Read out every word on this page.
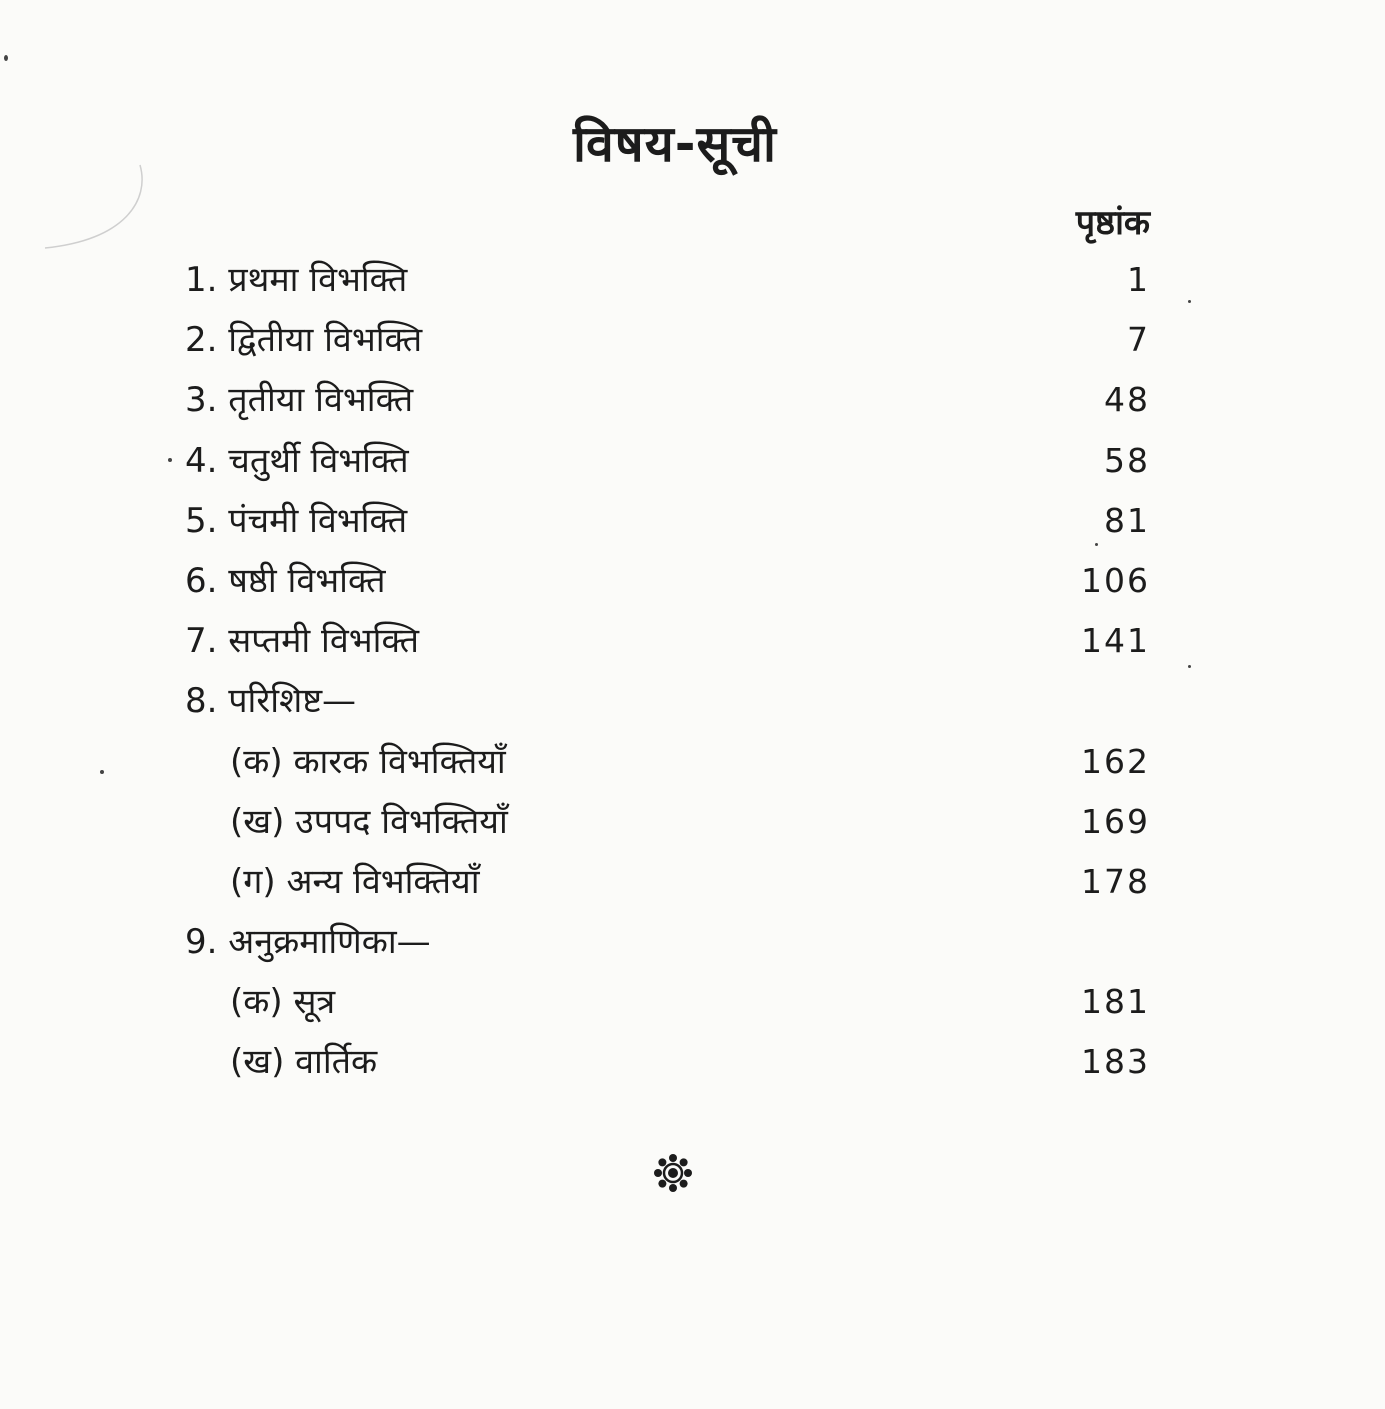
विषय-सूची
पृष्ठांक
1. प्रथमा विभक्ति	1
2. द्वितीया विभक्ति	7
3. तृतीया विभक्ति	48
4. चतुर्थी विभक्ति	58
5. पंचमी विभक्ति	81
6. षष्ठी विभक्ति	106
7. सप्तमी विभक्ति	141
8. परिशिष्ट—
(क) कारक विभक्तियाँ	162
(ख) उपपद विभक्तियाँ	169
(ग) अन्य विभक्तियाँ	178
9. अनुक्रमाणिका—
(क) सूत्र	181
(ख) वार्तिक	183
